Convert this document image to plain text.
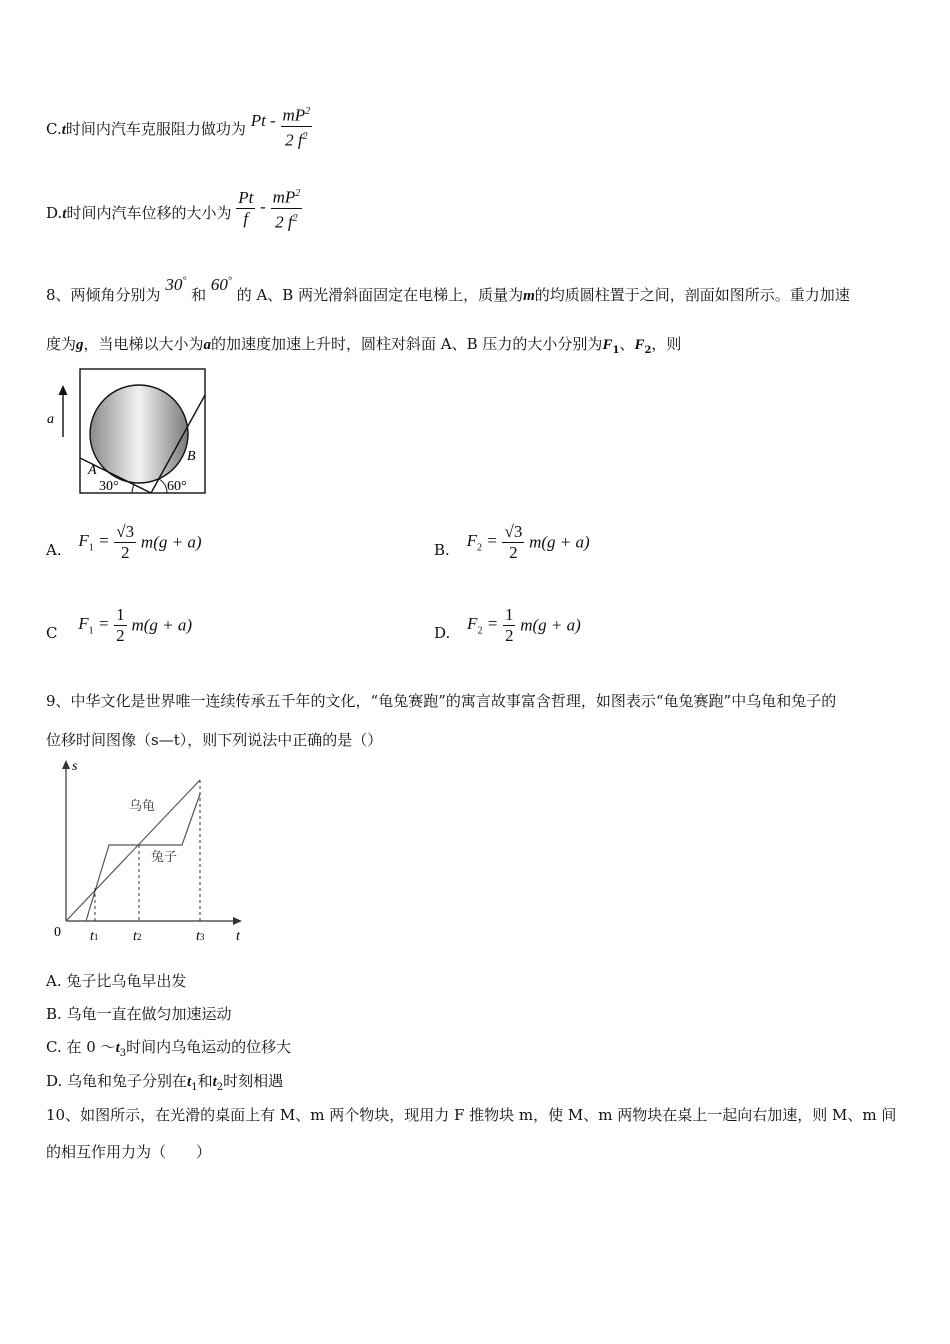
C.t时间内汽车克服阻力做功为 Pt - $\frac{mP^2}{2 f^2}$
D.t时间内汽车位移的大小为 $\frac{Pt}{f} - \frac{mP^2}{2 f^2}$
8、两倾角分别为 30° 和 60° 的 A、B 两光滑斜面固定在电梯上，质量为m的均质圆柱置于之间，剖面如图所示。重力加速
度为g，当电梯以大小为a的加速度加速上升时，圆柱对斜面 A、B 压力的大小分别为$F_1$、$F_2$，则
a
A
B
30°	60°
A. $F_1 = \frac{√3}{2} m(g + a)$	B. $F_2 = \frac{√3}{2} m(g + a)$
C $F_1 = \frac{1}{2} m(g + a)$	D. $F_2 = \frac{1}{2} m(g + a)$
9、中华文化是世界唯一连续传承五千年的文化，“龟兔赛跑”的寓言故事富含哲理，如图表示“龟兔赛跑”中乌龟和兔子的
位移时间图像（s—t），则下列说法中正确的是（）
s
t
0
乌龟
兔子
t1 t2	t3
A. 兔子比乌龟早出发
B. 乌龟一直在做匀加速运动
C. 在 0 $\sim t_3$时间内乌龟运动的位移大
D. 乌龟和兔子分别在$t_1$和$t_2$时刻相遇
10、如图所示，在光滑的桌面上有 M、m 两个物块，现用力 F 推物块 m，使 M、m 两物块在桌上一起向右加速，则 M、m 间
的相互作用力为（　　）
